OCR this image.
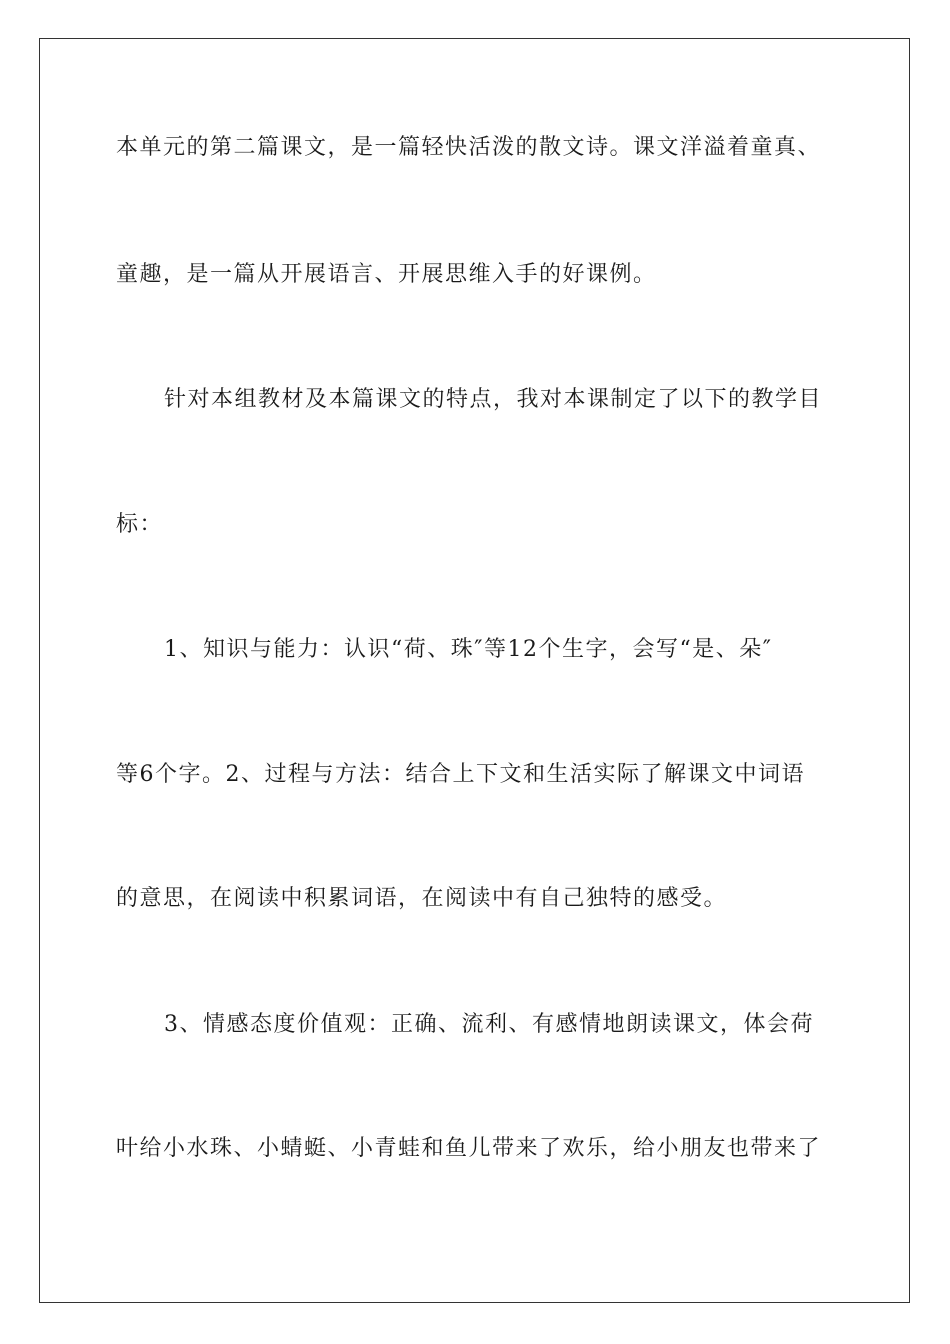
本单元的第二篇课文，是一篇轻快活泼的散文诗。课文洋溢着童真、
童趣，是一篇从开展语言、开展思维入手的好课例。
针对本组教材及本篇课文的特点，我对本课制定了以下的教学目
标：
1、知识与能力：认识“荷、珠″等12个生字，会写“是、朵″
等6个字。2、过程与方法：结合上下文和生活实际了解课文中词语
的意思，在阅读中积累词语，在阅读中有自己独特的感受。
3、情感态度价值观：正确、流利、有感情地朗读课文，体会荷
叶给小水珠、小蜻蜓、小青蛙和鱼儿带来了欢乐，给小朋友也带来了
